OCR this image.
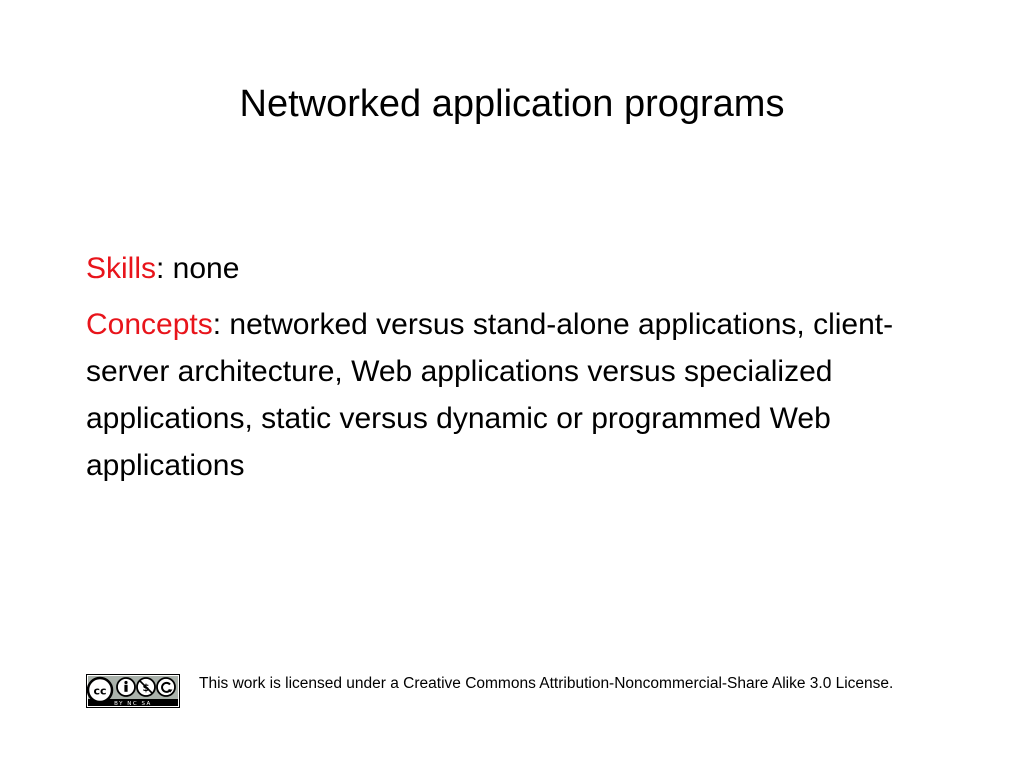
Networked application programs

Skills: none

Concepts: networked versus stand-alone applications, client-server architecture, Web applications versus specialized applications, static versus dynamic or programmed Web applications

cc	$
BY NC SA
This work is licensed under a Creative Commons Attribution-Noncommercial-Share Alike 3.0 License.
